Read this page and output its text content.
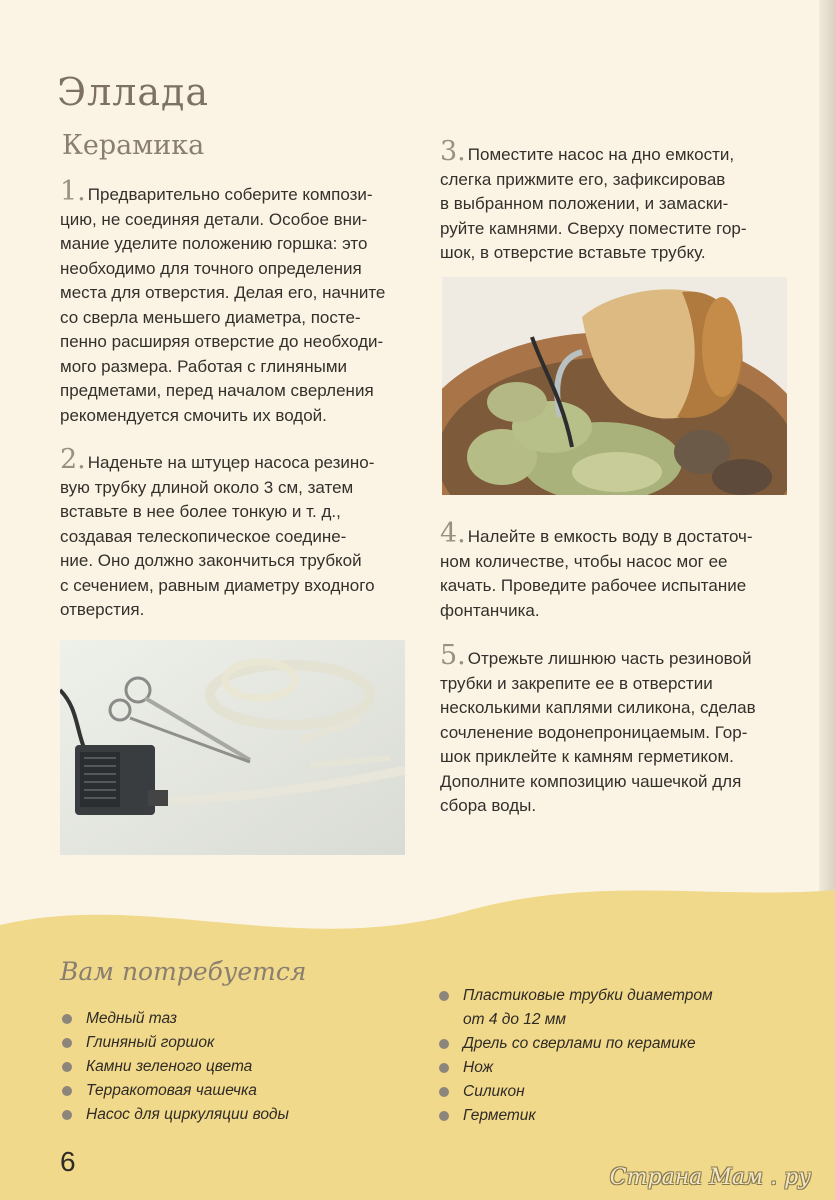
Эллада
Керамика
1. Предварительно соберите компози-
цию, не соединяя детали. Особое вни-
мание уделите положению горшка: это
необходимо для точного определения
места для отверстия. Делая его, начните
со сверла меньшего диаметра, посте-
пенно расширяя отверстие до необходи-
мого размера. Работая с глиняными
предметами, перед началом сверления
рекомендуется смочить их водой.
2. Наденьте на штуцер насоса резино-
вую трубку длиной около 3 см, затем
вставьте в нее более тонкую и т. д.,
создавая телескопическое соедине-
ние. Оно должно закончиться трубкой
с сечением, равным диаметру входного
отверстия.
3. Поместите насос на дно емкости,
слегка прижмите его, зафиксировав
в выбранном положении, и замаски-
руйте камнями. Сверху поместите гор-
шок, в отверстие вставьте трубку.
4. Налейте в емкость воду в достаточ-
ном количестве, чтобы насос мог ее
качать. Проведите рабочее испытание
фонтанчика.
5. Отрежьте лишнюю часть резиновой
трубки и закрепите ее в отверстии
несколькими каплями силикона, сделав
сочленение водонепроницаемым. Гор-
шок приклейте к камням герметиком.
Дополните композицию чашечкой для
сбора воды.
Вам потребуется
Медный таз
Глиняный горшок
Камни зеленого цвета
Терракотовая чашечка
Насос для циркуляции воды
Пластиковые трубки диаметром
от 4 до 12 мм
Дрель со сверлами по керамике
Нож
Силикон
Герметик
6
Страна Мам . ру
